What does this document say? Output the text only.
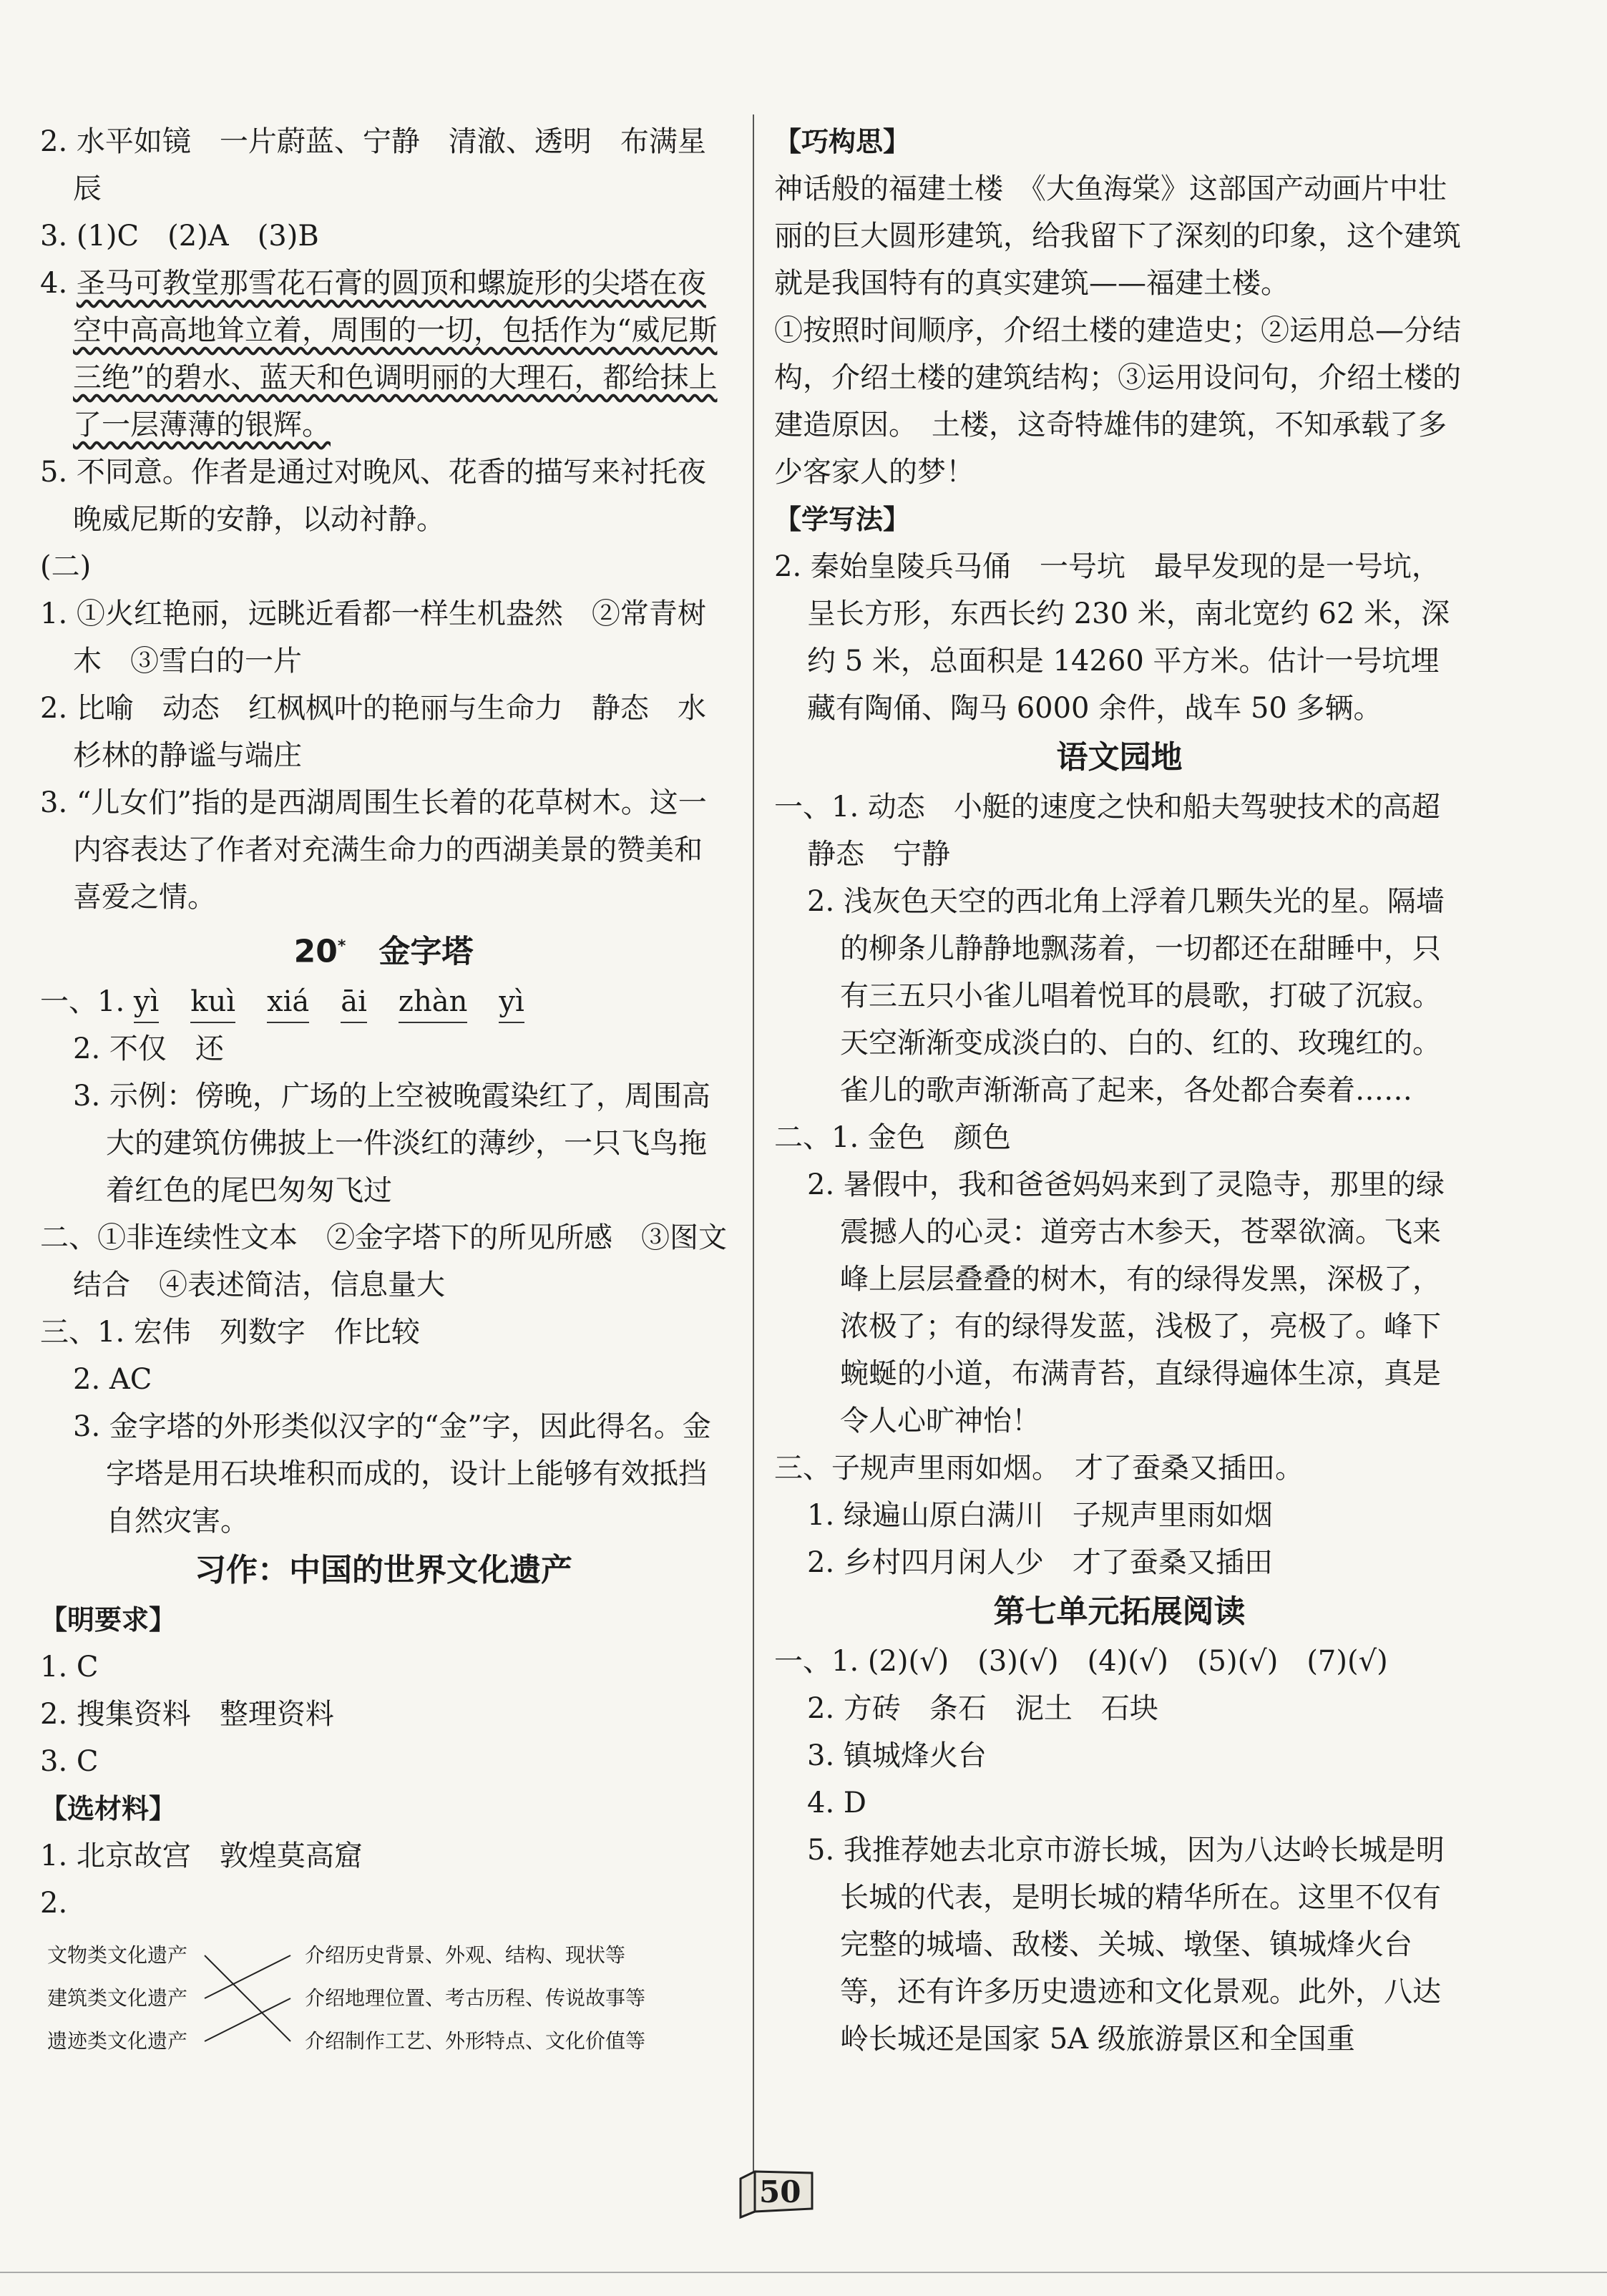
2. 水平如镜　一片蔚蓝、宁静　清澈、透明　布满星辰

3. (1)C　(2)A　(3)B

4. 圣马可教堂那雪花石膏的圆顶和螺旋形的尖塔在夜空中高高地耸立着，周围的一切，包括作为“威尼斯三绝”的碧水、蓝天和色调明丽的大理石，都给抹上了一层薄薄的银辉。

5. 不同意。作者是通过对晚风、花香的描写来衬托夜晚威尼斯的安静，以动衬静。

(二)

1. ①火红艳丽，远眺近看都一样生机盎然　②常青树木　③雪白的一片

2. 比喻　动态　红枫枫叶的艳丽与生命力　静态　水杉林的静谧与端庄

3. “儿女们”指的是西湖周围生长着的花草树木。这一内容表达了作者对充满生命力的西湖美景的赞美和喜爱之情。

20* 金字塔

一、1. yì kuì xiá āi zhàn yì

2. 不仅　还

3. 示例：傍晚，广场的上空被晚霞染红了，周围高大的建筑仿佛披上一件淡红的薄纱，一只飞鸟拖着红色的尾巴匆匆飞过

二、①非连续性文本　②金字塔下的所见所感　③图文结合　④表述简洁，信息量大

三、1. 宏伟　列数字　作比较

2. AC

3. 金字塔的外形类似汉字的“金”字，因此得名。金字塔是用石块堆积而成的，设计上能够有效抵挡自然灾害。

习作：中国的世界文化遗产

【明要求】

1. C

2. 搜集资料　整理资料

3. C

【选材料】

1. 北京故宫　敦煌莫高窟

2.

文物类文化遗产
建筑类文化遗产
遗迹类文化遗产
介绍历史背景、外观、结构、现状等
介绍地理位置、考古历程、传说故事等
介绍制作工艺、外形特点、文化价值等

【巧构思】

神话般的福建土楼　《大鱼海棠》这部国产动画片中壮丽的巨大圆形建筑，给我留下了深刻的印象，这个建筑就是我国特有的真实建筑——福建土楼。

①按照时间顺序，介绍土楼的建造史；②运用总—分结构，介绍土楼的建筑结构；③运用设问句，介绍土楼的建造原因。　土楼，这奇特雄伟的建筑，不知承载了多少客家人的梦！

【学写法】

2. 秦始皇陵兵马俑　一号坑　最早发现的是一号坑，呈长方形，东西长约 230 米，南北宽约 62 米，深约 5 米，总面积是 14260 平方米。估计一号坑埋藏有陶俑、陶马 6000 余件，战车 50 多辆。

语文园地

一、1. 动态　小艇的速度之快和船夫驾驶技术的高超　静态　宁静

2. 浅灰色天空的西北角上浮着几颗失光的星。隔墙的柳条儿静静地飘荡着，一切都还在甜睡中，只有三五只小雀儿唱着悦耳的晨歌，打破了沉寂。天空渐渐变成淡白的、白的、红的、玫瑰红的。雀儿的歌声渐渐高了起来，各处都合奏着……

二、1. 金色　颜色

2. 暑假中，我和爸爸妈妈来到了灵隐寺，那里的绿震撼人的心灵：道旁古木参天，苍翠欲滴。飞来峰上层层叠叠的树木，有的绿得发黑，深极了，浓极了；有的绿得发蓝，浅极了，亮极了。峰下蜿蜒的小道，布满青苔，直绿得遍体生凉，真是令人心旷神怡！

三、子规声里雨如烟。　才了蚕桑又插田。

1. 绿遍山原白满川　子规声里雨如烟

2. 乡村四月闲人少　才了蚕桑又插田

第七单元拓展阅读

一、1. (2)(√)　(3)(√)　(4)(√)　(5)(√)　(7)(√)

2. 方砖　条石　泥土　石块

3. 镇城烽火台

4. D

5. 我推荐她去北京市游长城，因为八达岭长城是明长城的代表，是明长城的精华所在。这里不仅有完整的城墙、敌楼、关城、墩堡、镇城烽火台等，还有许多历史遗迹和文化景观。此外，八达岭长城还是国家 5A 级旅游景区和全国重

50
